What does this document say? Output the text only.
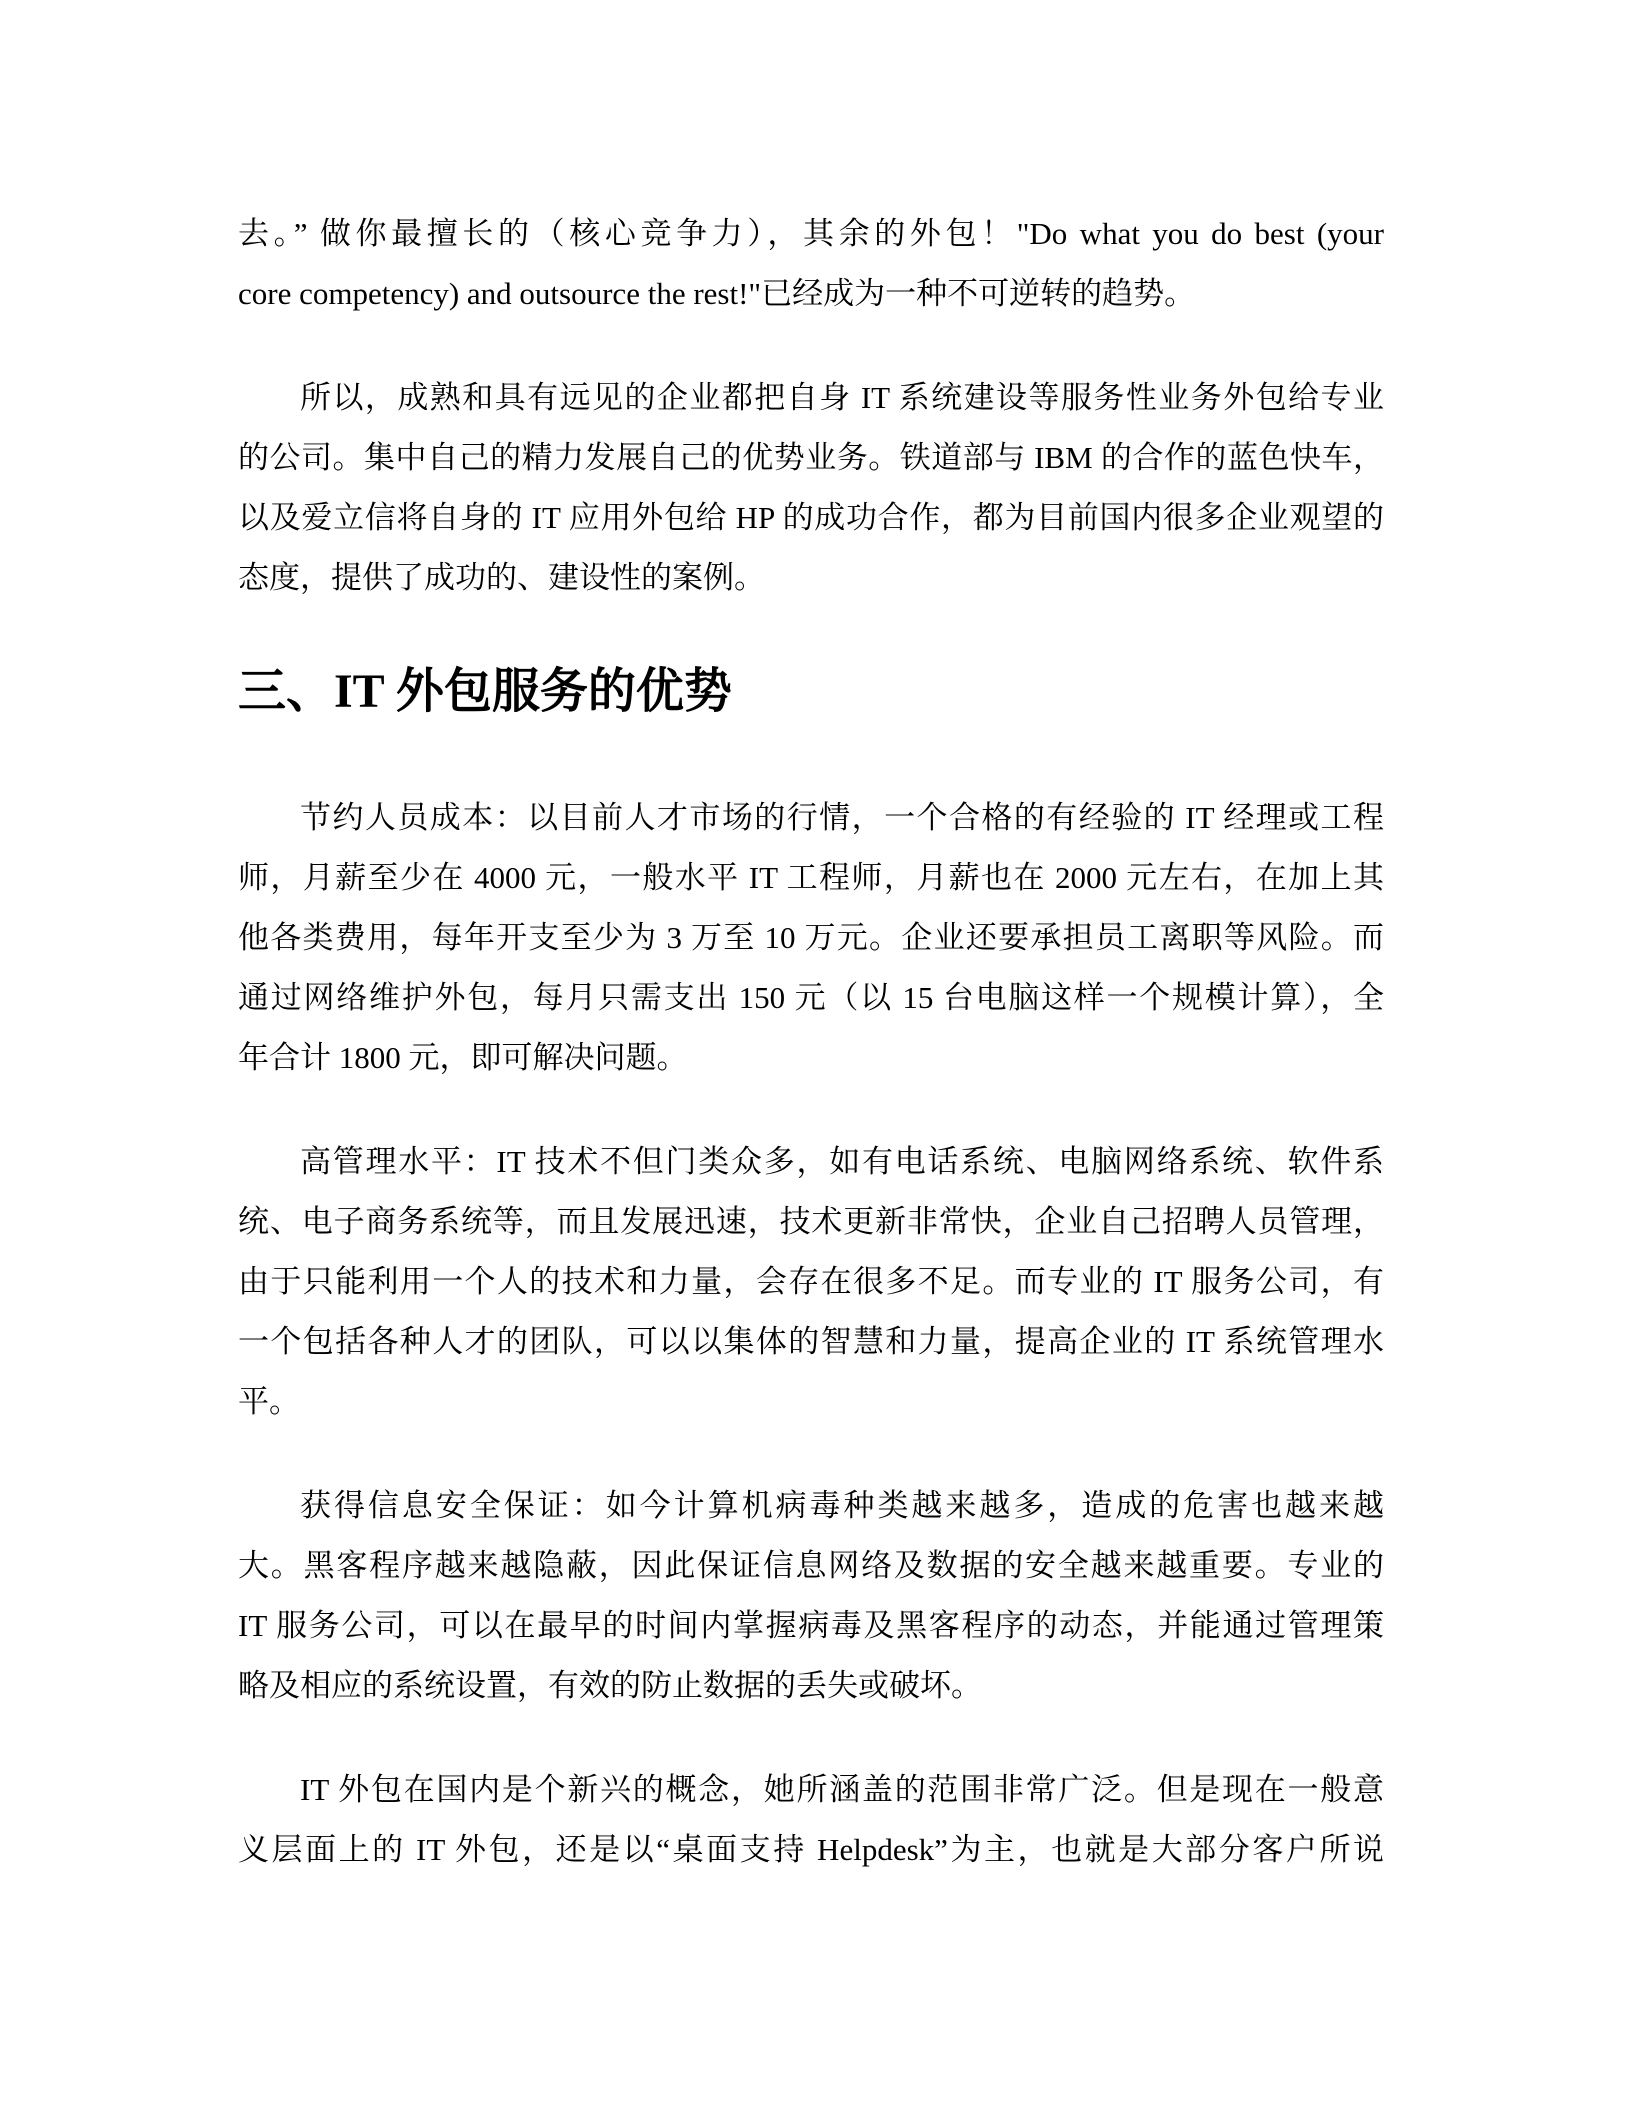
去。” 做你最擅长的（核心竞争力），其余的外包！"Do what you do best (your
core competency) and outsource the rest!"已经成为一种不可逆转的趋势。
所以，成熟和具有远见的企业都把自身 IT 系统建设等服务性业务外包给专业
的公司。集中自己的精力发展自己的优势业务。铁道部与 IBM 的合作的蓝色快车，
以及爱立信将自身的 IT 应用外包给 HP 的成功合作，都为目前国内很多企业观望的
态度，提供了成功的、建设性的案例。
三、IT 外包服务的优势
节约人员成本：以目前人才市场的行情，一个合格的有经验的 IT 经理或工程
师，月薪至少在 4000 元，一般水平 IT 工程师，月薪也在 2000 元左右，在加上其
他各类费用，每年开支至少为 3 万至 10 万元。企业还要承担员工离职等风险。而
通过网络维护外包，每月只需支出 150 元（以 15 台电脑这样一个规模计算），全
年合计 1800 元，即可解决问题。
高管理水平：IT 技术不但门类众多，如有电话系统、电脑网络系统、软件系
统、电子商务系统等，而且发展迅速，技术更新非常快，企业自己招聘人员管理，
由于只能利用一个人的技术和力量，会存在很多不足。而专业的 IT 服务公司，有
一个包括各种人才的团队，可以以集体的智慧和力量，提高企业的 IT 系统管理水
平。
获得信息安全保证：如今计算机病毒种类越来越多，造成的危害也越来越
大。黑客程序越来越隐蔽，因此保证信息网络及数据的安全越来越重要。专业的
IT 服务公司，可以在最早的时间内掌握病毒及黑客程序的动态，并能通过管理策
略及相应的系统设置，有效的防止数据的丢失或破坏。
IT 外包在国内是个新兴的概念，她所涵盖的范围非常广泛。但是现在一般意
义层面上的 IT 外包，还是以“桌面支持 Helpdesk”为主，也就是大部分客户所说
